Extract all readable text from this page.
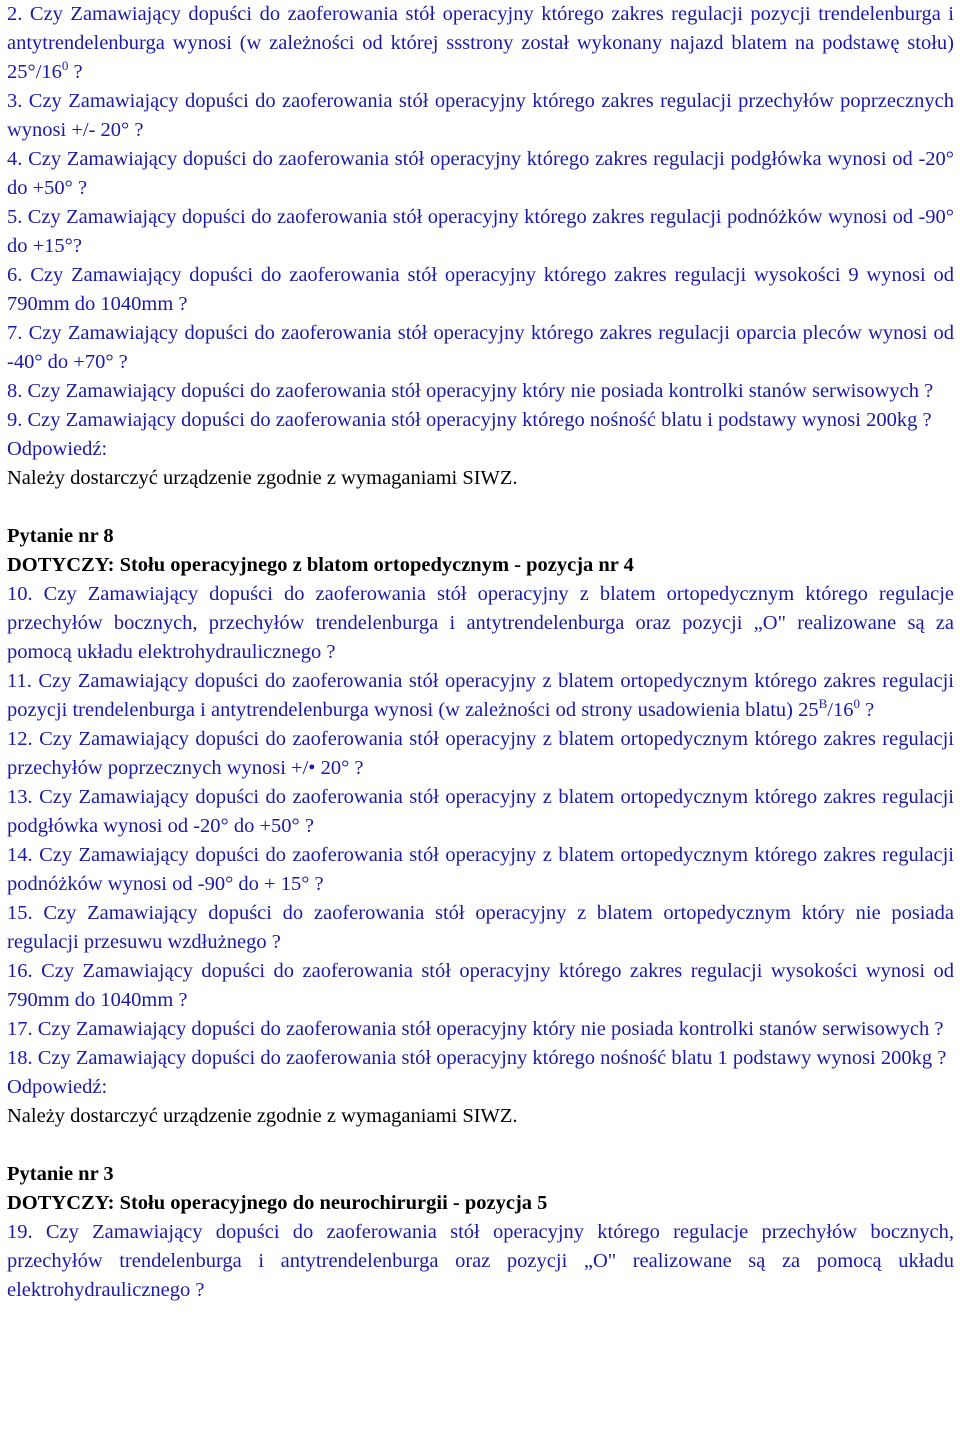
2. Czy Zamawiający dopuści do zaoferowania stół operacyjny którego zakres regulacji pozycji trendelenburga i antytrendelenburga wynosi (w zależności od której ssstrony został wykonany najazd blatem na podstawę stołu) $25^\circ/16^0$ ?

3. Czy Zamawiający dopuści do zaoferowania stół operacyjny którego zakres regulacji przechyłów poprzecznych wynosi +/- 20° ?

4. Czy Zamawiający dopuści do zaoferowania stół operacyjny którego zakres regulacji podgłówka wynosi od -20° do +50° ?

5. Czy Zamawiający dopuści do zaoferowania stół operacyjny którego zakres regulacji podnóżków wynosi od -90° do +15°?

6. Czy Zamawiający dopuści do zaoferowania stół operacyjny którego zakres regulacji wysokości 9 wynosi od 790mm do 1040mm ?

7. Czy Zamawiający dopuści do zaoferowania stół operacyjny którego zakres regulacji oparcia pleców wynosi od -40° do +70° ?

8. Czy Zamawiający dopuści do zaoferowania stół operacyjny który nie posiada kontrolki stanów serwisowych ?

9. Czy Zamawiający dopuści do zaoferowania stół operacyjny którego nośność blatu i podstawy wynosi 200kg ?

Odpowiedź:

Należy dostarczyć urządzenie zgodnie z wymaganiami SIWZ.

Pytanie nr 8

DOTYCZY: Stołu operacyjnego z blatom ortopedycznym - pozycja nr 4

10. Czy Zamawiający dopuści do zaoferowania stół operacyjny z blatem ortopedycznym którego regulacje przechyłów bocznych, przechyłów trendelenburga i antytrendelenburga oraz pozycji „O" realizowane są za pomocą układu elektrohydraulicznego ?

11. Czy Zamawiający dopuści do zaoferowania stół operacyjny z blatem ortopedycznym którego zakres regulacji pozycji trendelenburga i antytrendelenburga wynosi (w zależności od strony usadowienia blatu) $25^B/16^0$ ?

12. Czy Zamawiający dopuści do zaoferowania stół operacyjny z blatem ortopedycznym którego zakres regulacji przechyłów poprzecznych wynosi +/• 20° ?

13. Czy Zamawiający dopuści do zaoferowania stół operacyjny z blatem ortopedycznym którego zakres regulacji podgłówka wynosi od -20° do +50° ?

14. Czy Zamawiający dopuści do zaoferowania stół operacyjny z blatem ortopedycznym którego zakres regulacji podnóżków wynosi od -90° do + 15° ?

15. Czy Zamawiający dopuści do zaoferowania stół operacyjny z blatem ortopedycznym który nie posiada regulacji przesuwu wzdłużnego ?

16. Czy Zamawiający dopuści do zaoferowania stół operacyjny którego zakres regulacji wysokości wynosi od 790mm do 1040mm ?

17. Czy Zamawiający dopuści do zaoferowania stół operacyjny który nie posiada kontrolki stanów serwisowych ?

18. Czy Zamawiający dopuści do zaoferowania stół operacyjny którego nośność blatu 1 podstawy wynosi 200kg ?

Odpowiedź:

Należy dostarczyć urządzenie zgodnie z wymaganiami SIWZ.

Pytanie nr 3

DOTYCZY: Stołu operacyjnego do neurochirurgii - pozycja 5

19. Czy Zamawiający dopuści do zaoferowania stół operacyjny którego regulacje przechyłów bocznych, przechyłów trendelenburga i antytrendelenburga oraz pozycji „O" realizowane są za pomocą układu elektrohydraulicznego ?
